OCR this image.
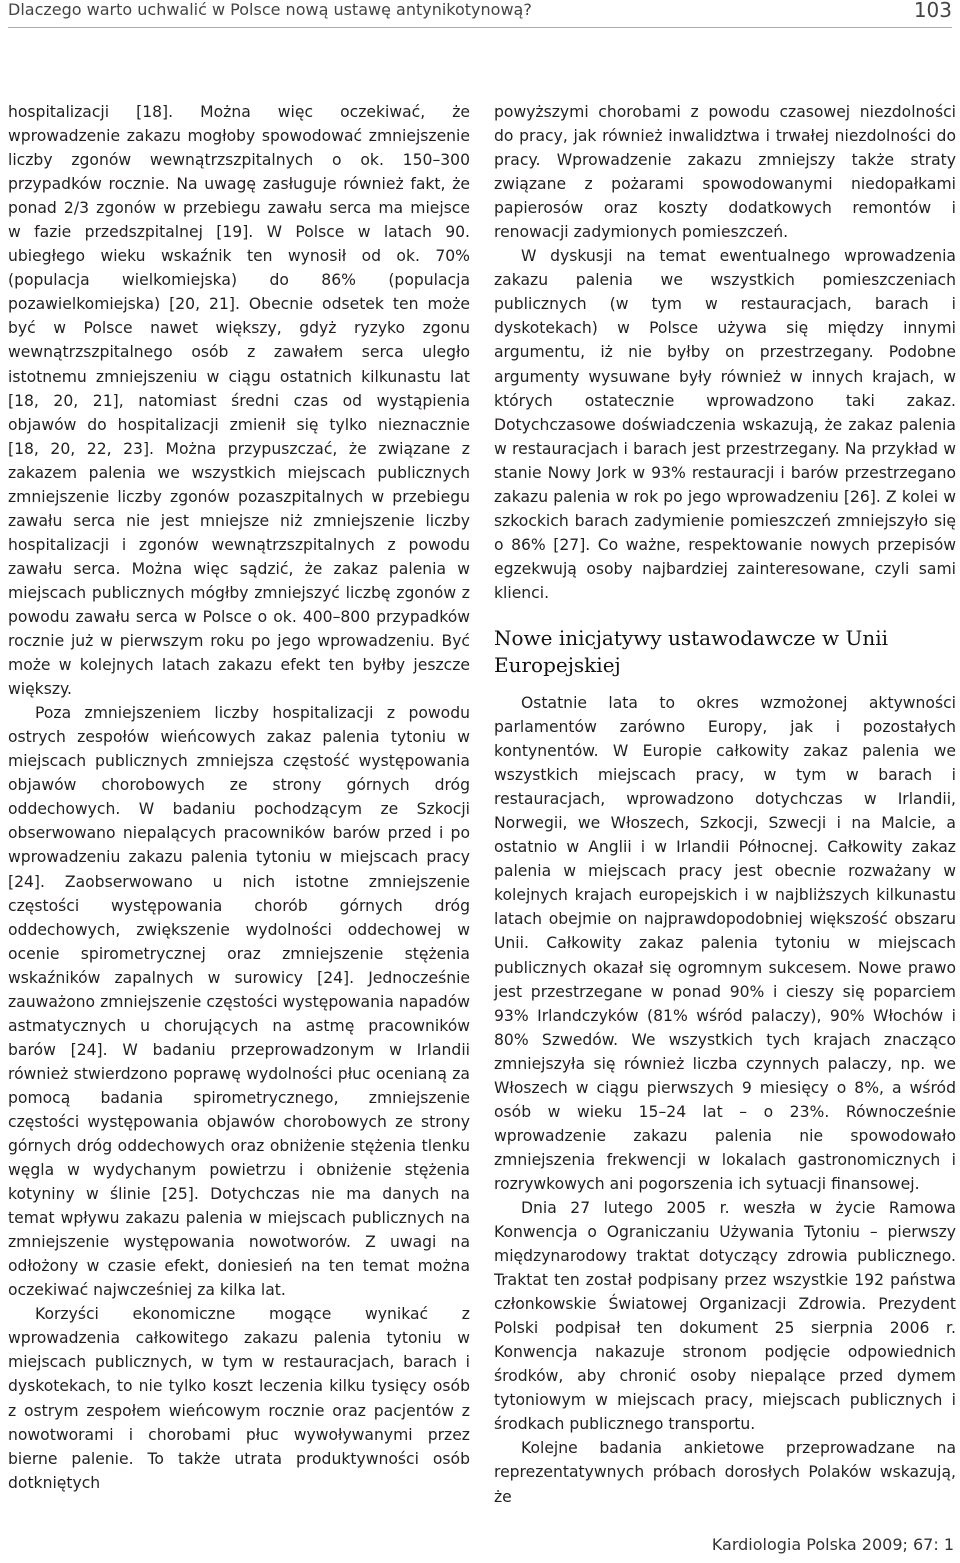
Dlaczego warto uchwalić w Polsce nową ustawę antynikotynową?	103

hospitalizacji [18]. Można więc oczekiwać, że wprowadzenie zakazu mogłoby spowodować zmniejszenie liczby zgonów wewnątrzszpitalnych o ok. 150–300 przypadków rocznie. Na uwagę zasługuje również fakt, że ponad 2/3 zgonów w przebiegu zawału serca ma miejsce w fazie przedszpitalnej [19]. W Polsce w latach 90. ubiegłego wieku wskaźnik ten wynosił od ok. 70% (populacja wielkomiejska) do 86% (populacja pozawielkomiejska) [20, 21]. Obecnie odsetek ten może być w Polsce nawet większy, gdyż ryzyko zgonu wewnątrzszpitalnego osób z zawałem serca uległo istotnemu zmniejszeniu w ciągu ostatnich kilkunastu lat [18, 20, 21], natomiast średni czas od wystąpienia objawów do hospitalizacji zmienił się tylko nieznacznie [18, 20, 22, 23]. Można przypuszczać, że związane z zakazem palenia we wszystkich miejscach publicznych zmniejszenie liczby zgonów pozaszpitalnych w przebiegu zawału serca nie jest mniejsze niż zmniejszenie liczby hospitalizacji i zgonów wewnątrzszpitalnych z powodu zawału serca. Można więc sądzić, że zakaz palenia w miejscach publicznych mógłby zmniejszyć liczbę zgonów z powodu zawału serca w Polsce o ok. 400–800 przypadków rocznie już w pierwszym roku po jego wprowadzeniu. Być może w kolejnych latach zakazu efekt ten byłby jeszcze większy.

Poza zmniejszeniem liczby hospitalizacji z powodu ostrych zespołów wieńcowych zakaz palenia tytoniu w miejscach publicznych zmniejsza częstość występowania objawów chorobowych ze strony górnych dróg oddechowych. W badaniu pochodzącym ze Szkocji obserwowano niepalących pracowników barów przed i po wprowadzeniu zakazu palenia tytoniu w miejscach pracy [24]. Zaobserwowano u nich istotne zmniejszenie częstości występowania chorób górnych dróg oddechowych, zwiększenie wydolności oddechowej w ocenie spirometrycznej oraz zmniejszenie stężenia wskaźników zapalnych w surowicy [24]. Jednocześnie zauważono zmniejszenie częstości występowania napadów astmatycznych u chorujących na astmę pracowników barów [24]. W badaniu przeprowadzonym w Irlandii również stwierdzono poprawę wydolności płuc ocenianą za pomocą badania spirometrycznego, zmniejszenie częstości występowania objawów chorobowych ze strony górnych dróg oddechowych oraz obniżenie stężenia tlenku węgla w wydychanym powietrzu i obniżenie stężenia kotyniny w ślinie [25]. Dotychczas nie ma danych na temat wpływu zakazu palenia w miejscach publicznych na zmniejszenie występowania nowotworów. Z uwagi na odłożony w czasie efekt, doniesień na ten temat można oczekiwać najwcześniej za kilka lat.

Korzyści ekonomiczne mogące wynikać z wprowadzenia całkowitego zakazu palenia tytoniu w miejscach publicznych, w tym w restauracjach, barach i dyskotekach, to nie tylko koszt leczenia kilku tysięcy osób z ostrym zespołem wieńcowym rocznie oraz pacjentów z nowotworami i chorobami płuc wywoływanymi przez bierne palenie. To także utrata produktywności osób dotkniętych

powyższymi chorobami z powodu czasowej niezdolności do pracy, jak również inwalidztwa i trwałej niezdolności do pracy. Wprowadzenie zakazu zmniejszy także straty związane z pożarami spowodowanymi niedopałkami papierosów oraz koszty dodatkowych remontów i renowacji zadymionych pomieszczeń.

W dyskusji na temat ewentualnego wprowadzenia zakazu palenia we wszystkich pomieszczeniach publicznych (w tym w restauracjach, barach i dyskotekach) w Polsce używa się między innymi argumentu, iż nie byłby on przestrzegany. Podobne argumenty wysuwane były również w innych krajach, w których ostatecznie wprowadzono taki zakaz. Dotychczasowe doświadczenia wskazują, że zakaz palenia w restauracjach i barach jest przestrzegany. Na przykład w stanie Nowy Jork w 93% restauracji i barów przestrzegano zakazu palenia w rok po jego wprowadzeniu [26]. Z kolei w szkockich barach zadymienie pomieszczeń zmniejszyło się o 86% [27]. Co ważne, respektowanie nowych przepisów egzekwują osoby najbardziej zainteresowane, czyli sami klienci.

Nowe inicjatywy ustawodawcze w Unii Europejskiej

Ostatnie lata to okres wzmożonej aktywności parlamentów zarówno Europy, jak i pozostałych kontynentów. W Europie całkowity zakaz palenia we wszystkich miejscach pracy, w tym w barach i restauracjach, wprowadzono dotychczas w Irlandii, Norwegii, we Włoszech, Szkocji, Szwecji i na Malcie, a ostatnio w Anglii i w Irlandii Północnej. Całkowity zakaz palenia w miejscach pracy jest obecnie rozważany w kolejnych krajach europejskich i w najbliższych kilkunastu latach obejmie on najprawdopodobniej większość obszaru Unii. Całkowity zakaz palenia tytoniu w miejscach publicznych okazał się ogromnym sukcesem. Nowe prawo jest przestrzegane w ponad 90% i cieszy się poparciem 93% Irlandczyków (81% wśród palaczy), 90% Włochów i 80% Szwedów. We wszystkich tych krajach znacząco zmniejszyła się również liczba czynnych palaczy, np. we Włoszech w ciągu pierwszych 9 miesięcy o 8%, a wśród osób w wieku 15–24 lat – o 23%. Równocześnie wprowadzenie zakazu palenia nie spowodowało zmniejszenia frekwencji w lokalach gastronomicznych i rozrywkowych ani pogorszenia ich sytuacji finansowej.

Dnia 27 lutego 2005 r. weszła w życie Ramowa Konwencja o Ograniczaniu Używania Tytoniu – pierwszy międzynarodowy traktat dotyczący zdrowia publicznego. Traktat ten został podpisany przez wszystkie 192 państwa członkowskie Światowej Organizacji Zdrowia. Prezydent Polski podpisał ten dokument 25 sierpnia 2006 r. Konwencja nakazuje stronom podjęcie odpowiednich środków, aby chronić osoby niepalące przed dymem tytoniowym w miejscach pracy, miejscach publicznych i środkach publicznego transportu.

Kolejne badania ankietowe przeprowadzane na reprezentatywnych próbach dorosłych Polaków wskazują, że

Kardiologia Polska 2009; 67: 1
